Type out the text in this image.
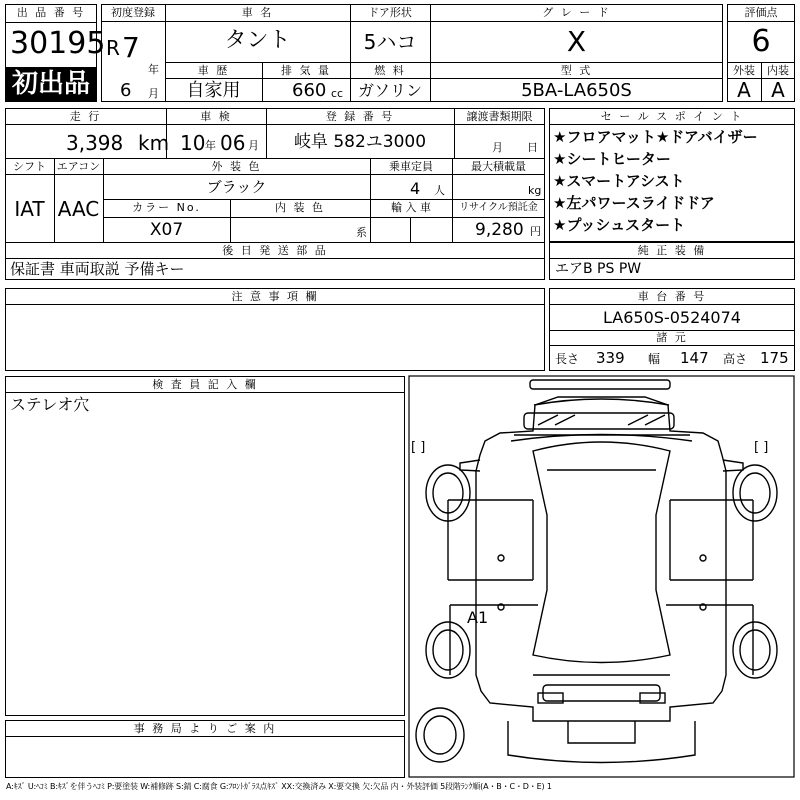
出 品 番 号
30195
初出品
初度登録
R 7
年
6 月
車 名
タント
ドア形状
5ハコ
グ レ ー ド
X
車 歴
自家用
排 気 量
660 cc
燃 料
ガソリン
型 式
5BA-LA650S
評価点
6
外装	内装
A	A
走 行
3,398 km
車 検
10 年 06 月
登 録 番 号
岐阜 582ユ3000
譲渡書類期限
月 日
シフト
IAT
エアコン
AAC
外 装 色
ブラック
乗車定員
4 人
最大積載量
kg
カラー No.
X07
内 装 色
系
輸 入 車	リサイクル預託金
9,280 円
後 日 発 送 部 品
保証書 車両取説 予備キー
セ ー ル ス ポ イ ン ト
★フロアマット★ドアバイザー
★シートヒーター
★スマートアシスト
★左パワースライドドア
★プッシュスタート
純 正 装 備
エアB PS PW
注 意 事 項 欄	車 台 番 号
LA650S-0524074
諸 元
長さ 339 幅 147 高さ 175
検 査 員 記 入 欄
ステレオ穴
事 務 局 よ り ご 案 内
[ ]	[ ]
A1
A:ｷｽﾞ U:ﾍｺﾐ B:ｷｽﾞを伴うﾍｺﾐ P:要塗装 W:補修跡 S:錆 C:腐食 G:ﾌﾛﾝﾄｶﾞﾗｽ点ｷｽﾞ XX:交換済み X:要交換 欠:欠品 内・外装評価 5段階ﾗﾝｸ順(A・B・C・D・E) 1
